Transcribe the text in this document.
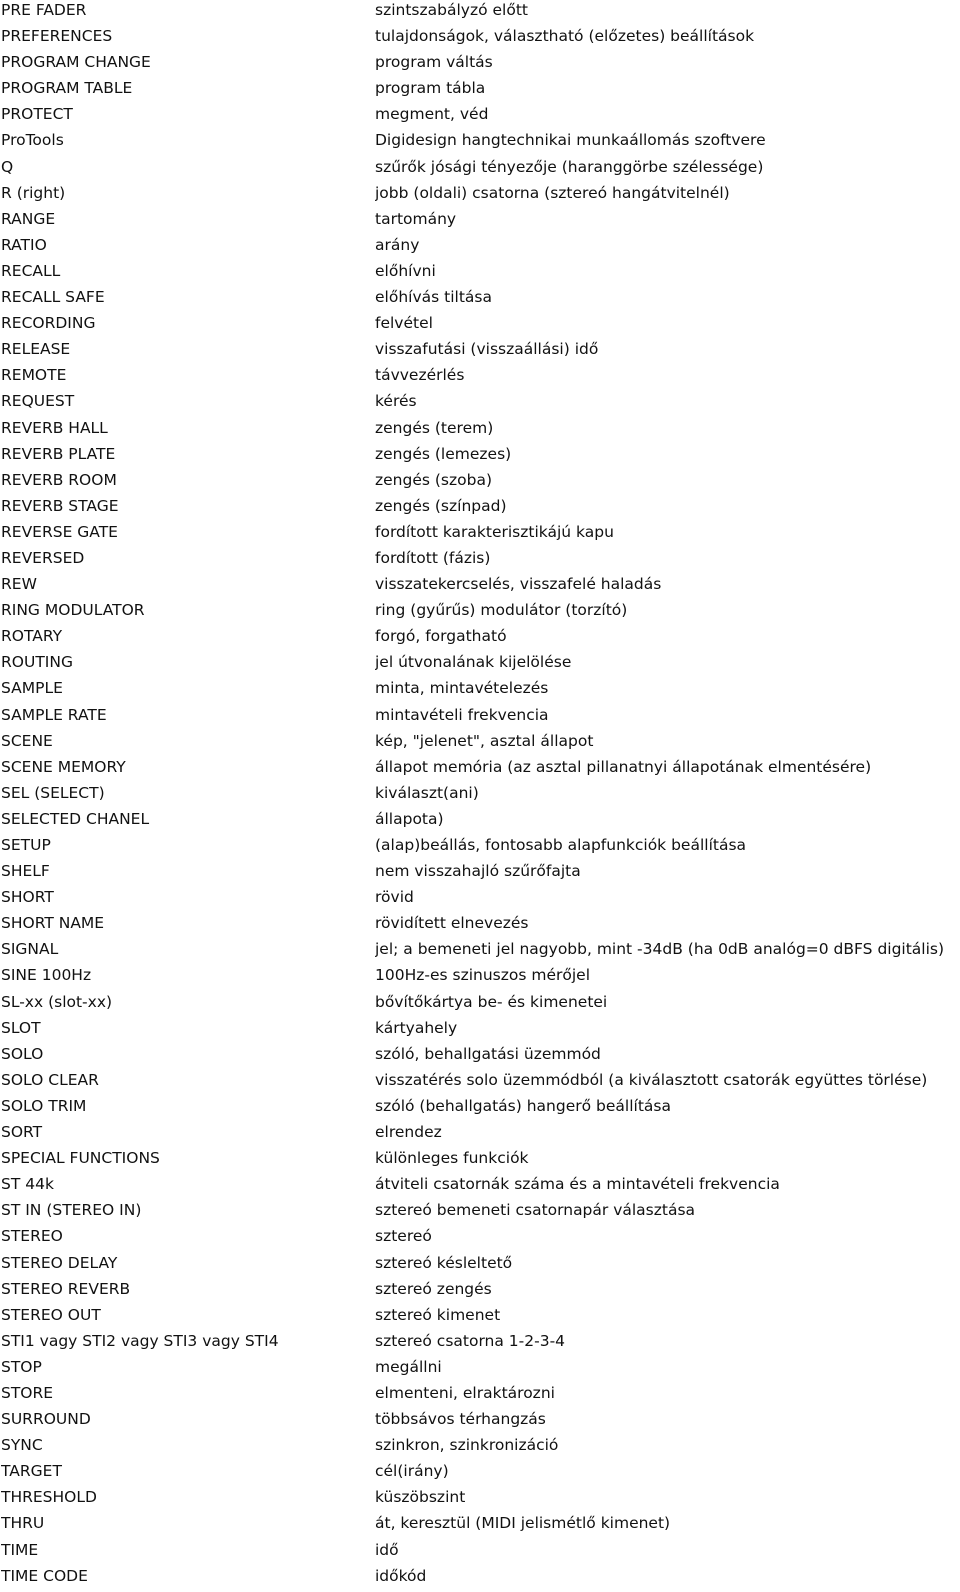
PRE FADER	szintszabályzó előtt
PREFERENCES	tulajdonságok, választható (előzetes) beállítások
PROGRAM CHANGE	program váltás
PROGRAM TABLE	program tábla
PROTECT	megment, véd
ProTools	Digidesign hangtechnikai munkaállomás szoftvere
Q	szűrők jósági tényezője (haranggörbe szélessége)
R (right)	jobb (oldali) csatorna (sztereó hangátvitelnél)
RANGE	tartomány
RATIO	arány
RECALL	előhívni
RECALL SAFE	előhívás tiltása
RECORDING	felvétel
RELEASE	visszafutási (visszaállási) idő
REMOTE	távvezérlés
REQUEST	kérés
REVERB HALL	zengés (terem)
REVERB PLATE	zengés (lemezes)
REVERB ROOM	zengés (szoba)
REVERB STAGE	zengés (színpad)
REVERSE GATE	fordított karakterisztikájú kapu
REVERSED	fordított (fázis)
REW	visszatekercselés, visszafelé haladás
RING MODULATOR	ring (gyűrűs) modulátor (torzító)
ROTARY	forgó, forgatható
ROUTING	jel útvonalának kijelölése
SAMPLE	minta, mintavételezés
SAMPLE RATE	mintavételi frekvencia
SCENE	kép, "jelenet", asztal állapot
SCENE MEMORY	állapot memória (az asztal pillanatnyi állapotának elmentésére)
SEL (SELECT)	kiválaszt(ani)
SELECTED CHANEL	állapota)
SETUP	(alap)beállás, fontosabb alapfunkciók beállítása
SHELF	nem visszahajló szűrőfajta
SHORT	rövid
SHORT NAME	rövidített elnevezés
SIGNAL	jel; a bemeneti jel nagyobb, mint -34dB (ha 0dB analóg=0 dBFS digitális)
SINE 100Hz	100Hz-es szinuszos mérőjel
SL-xx (slot-xx)	bővítőkártya be- és kimenetei
SLOT	kártyahely
SOLO	szóló, behallgatási üzemmód
SOLO CLEAR	visszatérés solo üzemmódból (a kiválasztott csatorák együttes törlése)
SOLO TRIM	szóló (behallgatás) hangerő beállítása
SORT	elrendez
SPECIAL FUNCTIONS	különleges funkciók
ST 44k	átviteli csatornák száma és a mintavételi frekvencia
ST IN (STEREO IN)	sztereó bemeneti csatornapár választása
STEREO	sztereó
STEREO DELAY	sztereó késleltető
STEREO REVERB	sztereó zengés
STEREO OUT	sztereó kimenet
STI1 vagy STI2 vagy STI3 vagy STI4	sztereó csatorna 1-2-3-4
STOP	megállni
STORE	elmenteni, elraktározni
SURROUND	többsávos térhangzás
SYNC	szinkron, szinkronizáció
TARGET	cél(irány)
THRESHOLD	küszöbszint
THRU	át, keresztül (MIDI jelismétlő kimenet)
TIME	idő
TIME CODE	időkód
